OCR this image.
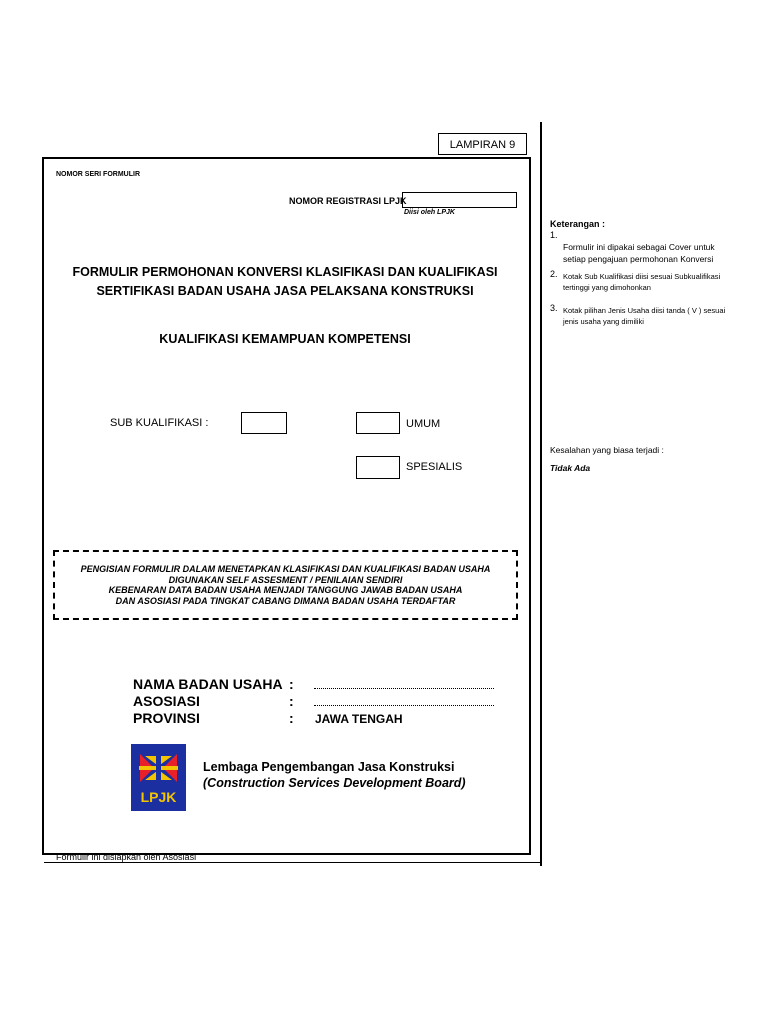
LAMPIRAN 9
Formulir ini disiapkan oleh Asosiasi
NOMOR SERI FORMULIR
NOMOR REGISTRASI LPJK
Diisi oleh LPJK
FORMULIR PERMOHONAN KONVERSI KLASIFIKASI DAN KUALIFIKASI
SERTIFIKASI BADAN USAHA JASA PELAKSANA KONSTRUKSI
KUALIFIKASI KEMAMPUAN KOMPETENSI
SUB KUALIFIKASI :	UMUM
SPESIALIS
PENGISIAN FORMULIR DALAM MENETAPKAN KLASIFIKASI DAN KUALIFIKASI BADAN USAHA
DIGUNAKAN SELF ASSESMENT / PENILAIAN SENDIRI
KEBENARAN DATA BADAN USAHA MENJADI TANGGUNG JAWAB BADAN USAHA
DAN ASOSIASI PADA TINGKAT CABANG DIMANA BADAN USAHA TERDAFTAR
NAMA BADAN USAHA :
ASOSIASI	:
PROVINSI	: JAWA TENGAH
LPJK
Lembaga Pengembangan Jasa Konstruksi
(Construction Services Development Board)
Keterangan :
1.
Formulir ini dipakai sebagai Cover untuk setiap pengajuan permohonan Konversi
2. Kotak Sub Kualifikasi diisi sesuai Subkualifikasi tertinggi yang dimohonkan
3. Kotak pilihan Jenis Usaha diisi tanda ( V ) sesuai jenis usaha yang dimiliki
Kesalahan yang biasa terjadi :
Tidak Ada
